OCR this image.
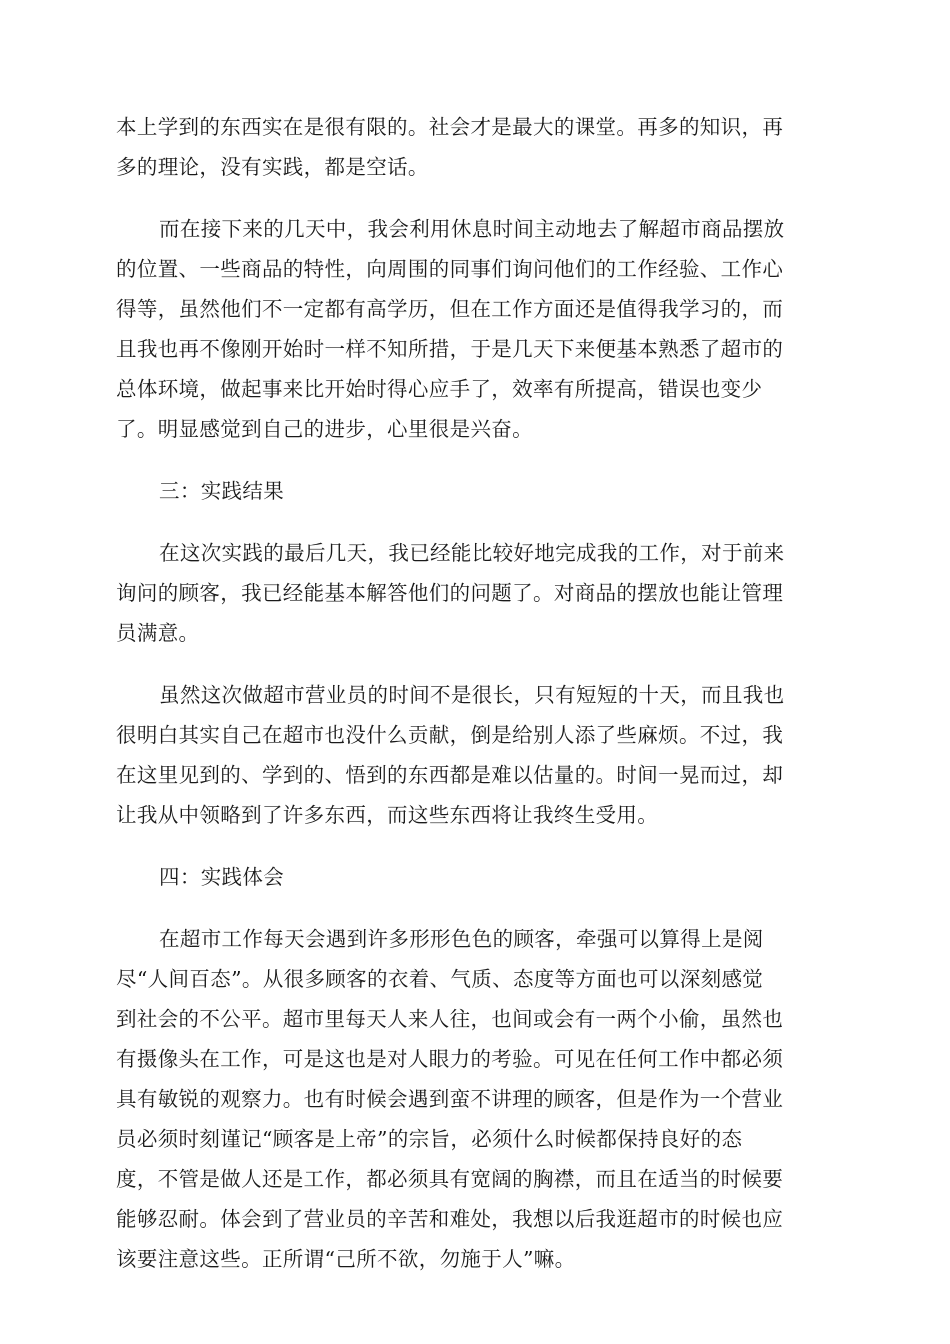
本上学到的东西实在是很有限的。社会才是最大的课堂。再多的知识，再
多的理论，没有实践，都是空话。
而在接下来的几天中，我会利用休息时间主动地去了解超市商品摆放
的位置、一些商品的特性，向周围的同事们询问他们的工作经验、工作心
得等，虽然他们不一定都有高学历，但在工作方面还是值得我学习的，而
且我也再不像刚开始时一样不知所措，于是几天下来便基本熟悉了超市的
总体环境，做起事来比开始时得心应手了，效率有所提高，错误也变少
了。明显感觉到自己的进步，心里很是兴奋。
三：实践结果
在这次实践的最后几天，我已经能比较好地完成我的工作，对于前来
询问的顾客，我已经能基本解答他们的问题了。对商品的摆放也能让管理
员满意。
虽然这次做超市营业员的时间不是很长，只有短短的十天，而且我也
很明白其实自己在超市也没什么贡献，倒是给别人添了些麻烦。不过，我
在这里见到的、学到的、悟到的东西都是难以估量的。时间一晃而过，却
让我从中领略到了许多东西，而这些东西将让我终生受用。
四：实践体会
在超市工作每天会遇到许多形形色色的顾客，牵强可以算得上是阅
尽“人间百态”。从很多顾客的衣着、气质、态度等方面也可以深刻感觉
到社会的不公平。超市里每天人来人往，也间或会有一两个小偷，虽然也
有摄像头在工作，可是这也是对人眼力的考验。可见在任何工作中都必须
具有敏锐的观察力。也有时候会遇到蛮不讲理的顾客，但是作为一个营业
员必须时刻谨记“顾客是上帝”的宗旨，必须什么时候都保持良好的态
度，不管是做人还是工作，都必须具有宽阔的胸襟，而且在适当的时候要
能够忍耐。体会到了营业员的辛苦和难处，我想以后我逛超市的时候也应
该要注意这些。正所谓“己所不欲，勿施于人”嘛。
